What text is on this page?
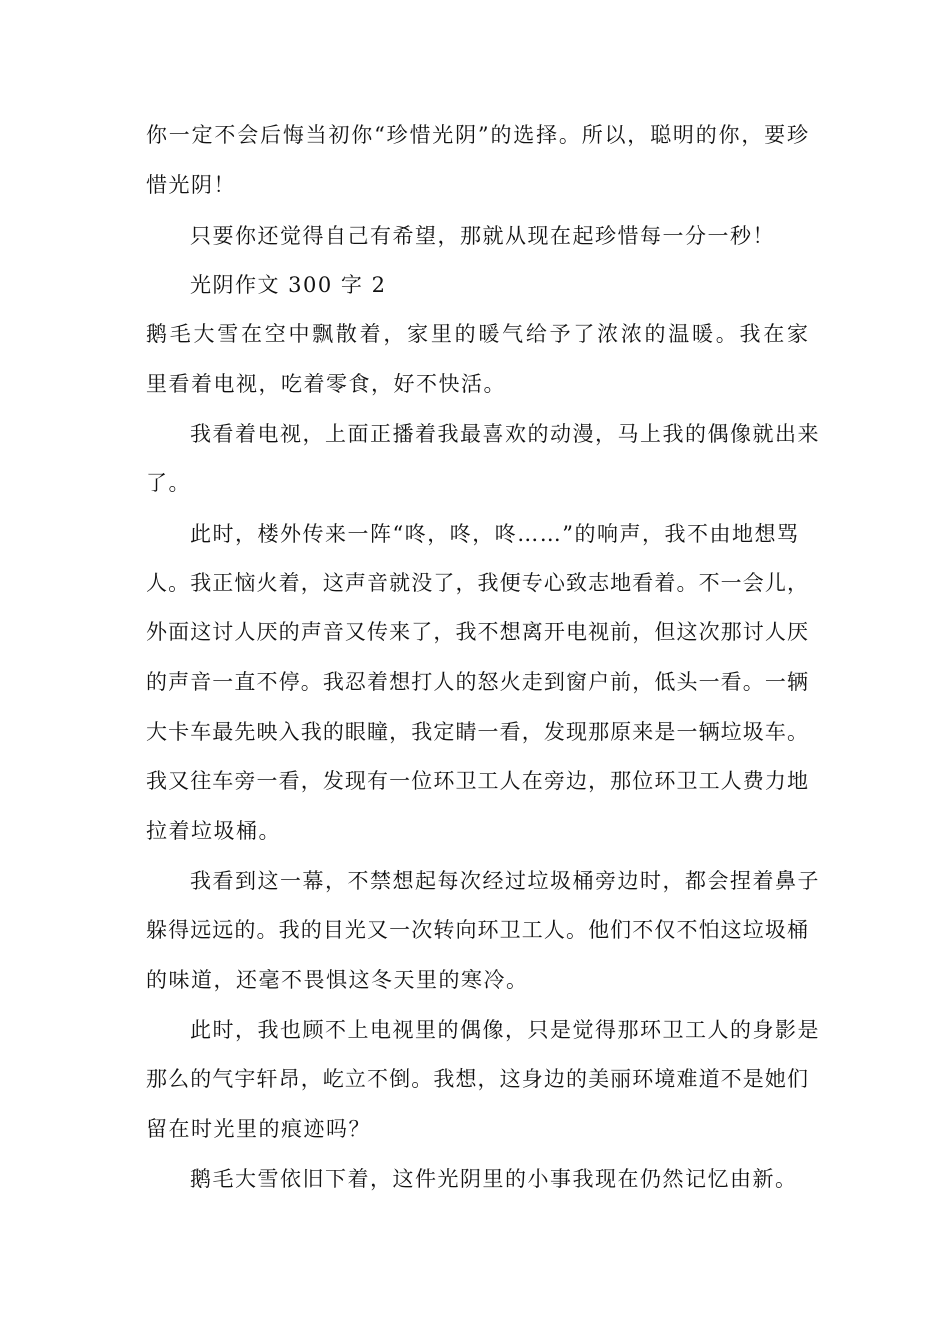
你一定不会后悔当初你“珍惜光阴”的选择。所以，聪明的你，要珍
惜光阴！
只要你还觉得自己有希望，那就从现在起珍惜每一分一秒！
光阴作文 300 字 2
鹅毛大雪在空中飘散着，家里的暖气给予了浓浓的温暖。我在家
里看着电视，吃着零食，好不快活。
我看着电视，上面正播着我最喜欢的动漫，马上我的偶像就出来
了。
此时，楼外传来一阵“咚，咚，咚……”的响声，我不由地想骂
人。我正恼火着，这声音就没了，我便专心致志地看着。不一会儿，
外面这讨人厌的声音又传来了，我不想离开电视前，但这次那讨人厌
的声音一直不停。我忍着想打人的怒火走到窗户前，低头一看。一辆
大卡车最先映入我的眼瞳，我定睛一看，发现那原来是一辆垃圾车。
我又往车旁一看，发现有一位环卫工人在旁边，那位环卫工人费力地
拉着垃圾桶。
我看到这一幕，不禁想起每次经过垃圾桶旁边时，都会捏着鼻子
躲得远远的。我的目光又一次转向环卫工人。他们不仅不怕这垃圾桶
的味道，还毫不畏惧这冬天里的寒冷。
此时，我也顾不上电视里的偶像，只是觉得那环卫工人的身影是
那么的气宇轩昂，屹立不倒。我想，这身边的美丽环境难道不是她们
留在时光里的痕迹吗？
鹅毛大雪依旧下着，这件光阴里的小事我现在仍然记忆由新。
